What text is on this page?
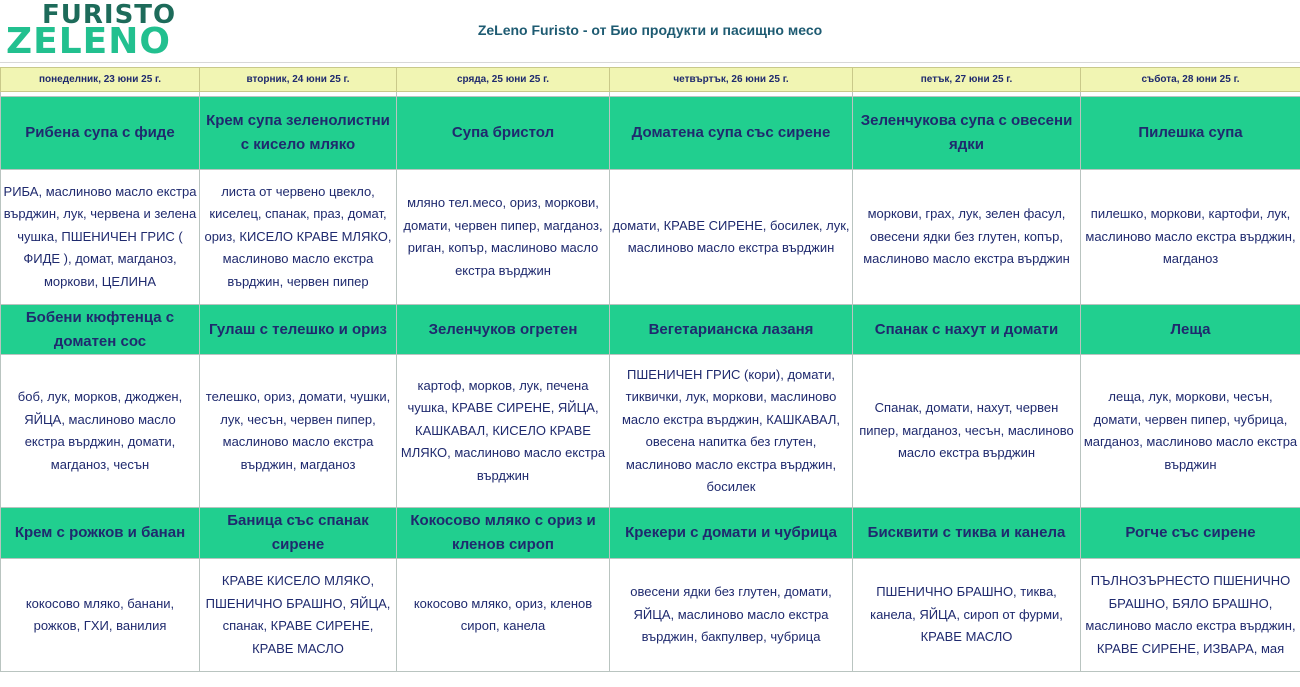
FURISTO
ZELENO	ZeLeno Furisto - от Био продукти и пасищно месо
понеделник, 23 юни 25 г.	вторник, 24 юни 25 г.	сряда, 25 юни 25 г.	четвъртък, 26 юни 25 г.	петък, 27 юни 25 г.	събота, 28 юни 25 г.

Рибена супа с фиде	Крем супа зеленолистни с кисело мляко	Супа бристол	Доматена супа със сирене	Зеленчукова супа с овесени ядки	Пилешка супа
РИБА, маслиново масло екстра върджин, лук, червена и зелена чушка, ПШЕНИЧЕН ГРИС ( ФИДЕ ), домат, магданоз, моркови, ЦЕЛИНА	листа от червено цвекло, киселец, спанак, праз, домат, ориз, КИСЕЛО КРАВЕ МЛЯКО, маслиново масло екстра върджин, червен пипер	мляно тел.месо, ориз, моркови, домати, червен пипер, магданоз, риган, копър, маслиново масло екстра върджин	домати, КРАВЕ СИРЕНЕ, босилек, лук, маслиново масло екстра върджин	моркови, грах, лук, зелен фасул, овесени ядки без глутен, копър, маслиново масло екстра върджин	пилешко, моркови, картофи, лук, маслиново масло екстра върджин, магданоз
Бобени кюфтенца с доматен сос	Гулаш с телешко и ориз	Зеленчуков огретен	Вегетарианска лазаня	Спанак с нахут и домати	Леща
боб, лук, морков, джоджен, ЯЙЦА, маслиново масло екстра върджин, домати, магданоз, чесън	телешко, ориз, домати, чушки, лук, чесън, червен пипер, маслиново масло екстра върджин, магданоз	картоф, морков, лук, печена чушка, КРАВЕ СИРЕНЕ, ЯЙЦА, КАШКАВАЛ, КИСЕЛО КРАВЕ МЛЯКО, маслиново масло екстра върджин	ПШЕНИЧЕН ГРИС (кори), домати, тиквички, лук, моркови, маслиново масло екстра върджин, КАШКАВАЛ, овесена напитка без глутен, маслиново масло екстра върджин, босилек	Спанак, домати, нахут, червен пипер, магданоз, чесън, маслиново масло екстра върджин	леща, лук, моркови, чесън, домати, червен пипер, чубрица, магданоз, маслиново масло екстра върджин
Крем с рожков и банан	Баница със спанак сирене	Кокосово мляко с ориз и кленов сироп	Крекери с домати и чубрица	Бисквити с тиква и канела	Рогче със сирене
кокосово мляко, банани, рожков, ГХИ, ванилия	КРАВЕ КИСЕЛО МЛЯКО, ПШЕНИЧНО БРАШНО, ЯЙЦА, спанак, КРАВЕ СИРЕНЕ, КРАВЕ МАСЛО	кокосово мляко, ориз, кленов сироп, канела	овесени ядки без глутен, домати, ЯЙЦА, маслиново масло екстра върджин, бакпулвер, чубрица	ПШЕНИЧНО БРАШНО, тиква, канела, ЯЙЦА, сироп от фурми, КРАВЕ МАСЛО	ПЪЛНОЗЪРНЕСТО ПШЕНИЧНО БРАШНО, БЯЛО БРАШНО, маслиново масло екстра върджин, КРАВЕ СИРЕНЕ, ИЗВАРА, мая
